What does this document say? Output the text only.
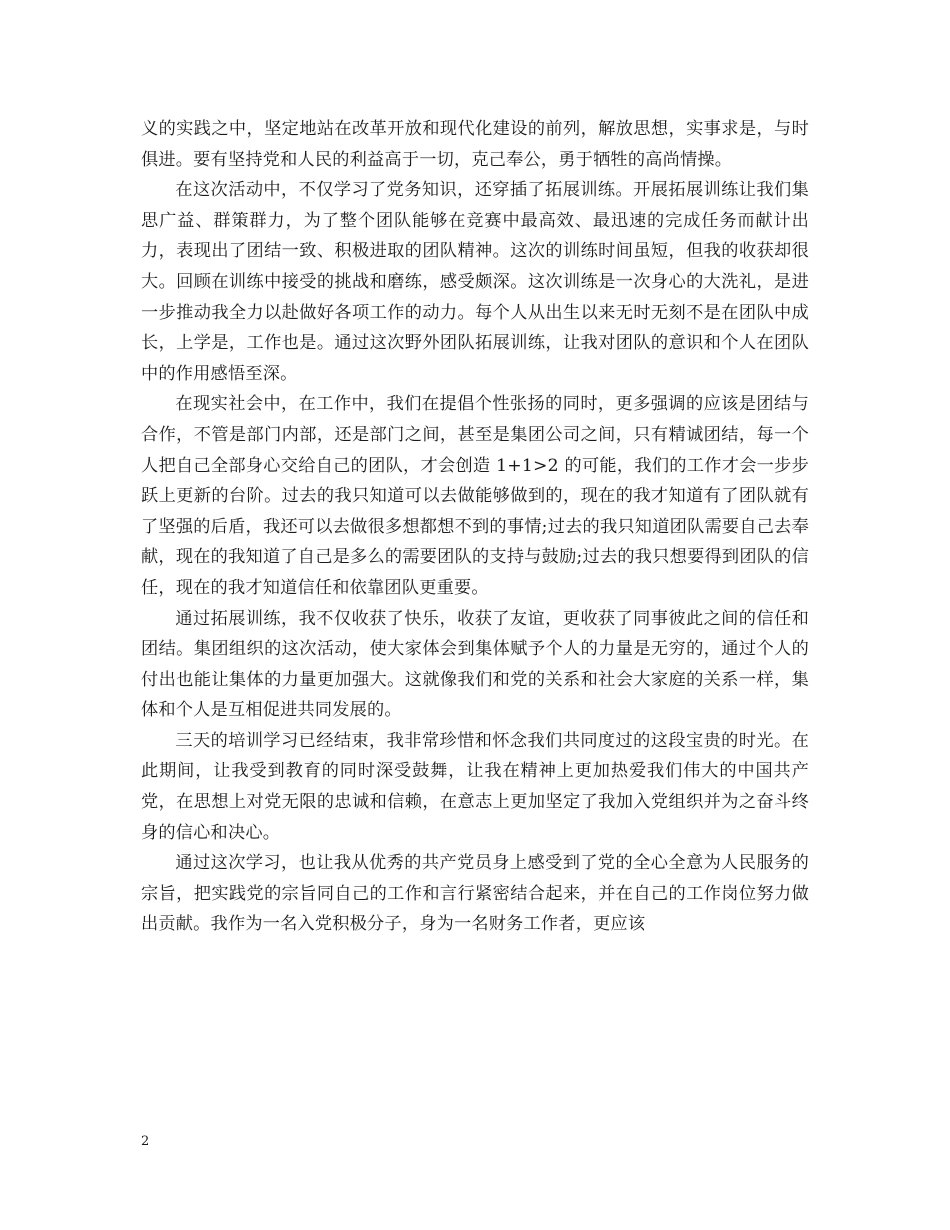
义的实践之中，坚定地站在改革开放和现代化建设的前列，解放思想，实事求是，与时俱进。要有坚持党和人民的利益高于一切，克己奉公，勇于牺牲的高尚情操。

在这次活动中，不仅学习了党务知识，还穿插了拓展训练。开展拓展训练让我们集思广益、群策群力，为了整个团队能够在竞赛中最高效、最迅速的完成任务而献计出力，表现出了团结一致、积极进取的团队精神。这次的训练时间虽短，但我的收获却很大。回顾在训练中接受的挑战和磨练，感受颇深。这次训练是一次身心的大洗礼，是进一步推动我全力以赴做好各项工作的动力。每个人从出生以来无时无刻不是在团队中成长，上学是，工作也是。通过这次野外团队拓展训练，让我对团队的意识和个人在团队中的作用感悟至深。

在现实社会中，在工作中，我们在提倡个性张扬的同时，更多强调的应该是团结与合作，不管是部门内部，还是部门之间，甚至是集团公司之间，只有精诚团结，每一个人把自己全部身心交给自己的团队，才会创造 1+1>2 的可能，我们的工作才会一步步跃上更新的台阶。过去的我只知道可以去做能够做到的，现在的我才知道有了团队就有了坚强的后盾，我还可以去做很多想都想不到的事情;过去的我只知道团队需要自己去奉献，现在的我知道了自己是多么的需要团队的支持与鼓励;过去的我只想要得到团队的信任，现在的我才知道信任和依靠团队更重要。

通过拓展训练，我不仅收获了快乐，收获了友谊，更收获了同事彼此之间的信任和团结。集团组织的这次活动，使大家体会到集体赋予个人的力量是无穷的，通过个人的付出也能让集体的力量更加强大。这就像我们和党的关系和社会大家庭的关系一样，集体和个人是互相促进共同发展的。

三天的培训学习已经结束，我非常珍惜和怀念我们共同度过的这段宝贵的时光。在此期间，让我受到教育的同时深受鼓舞，让我在精神上更加热爱我们伟大的中国共产党，在思想上对党无限的忠诚和信赖，在意志上更加坚定了我加入党组织并为之奋斗终身的信心和决心。

通过这次学习，也让我从优秀的共产党员身上感受到了党的全心全意为人民服务的宗旨，把实践党的宗旨同自己的工作和言行紧密结合起来，并在自己的工作岗位努力做出贡献。我作为一名入党积极分子，身为一名财务工作者，更应该

2
